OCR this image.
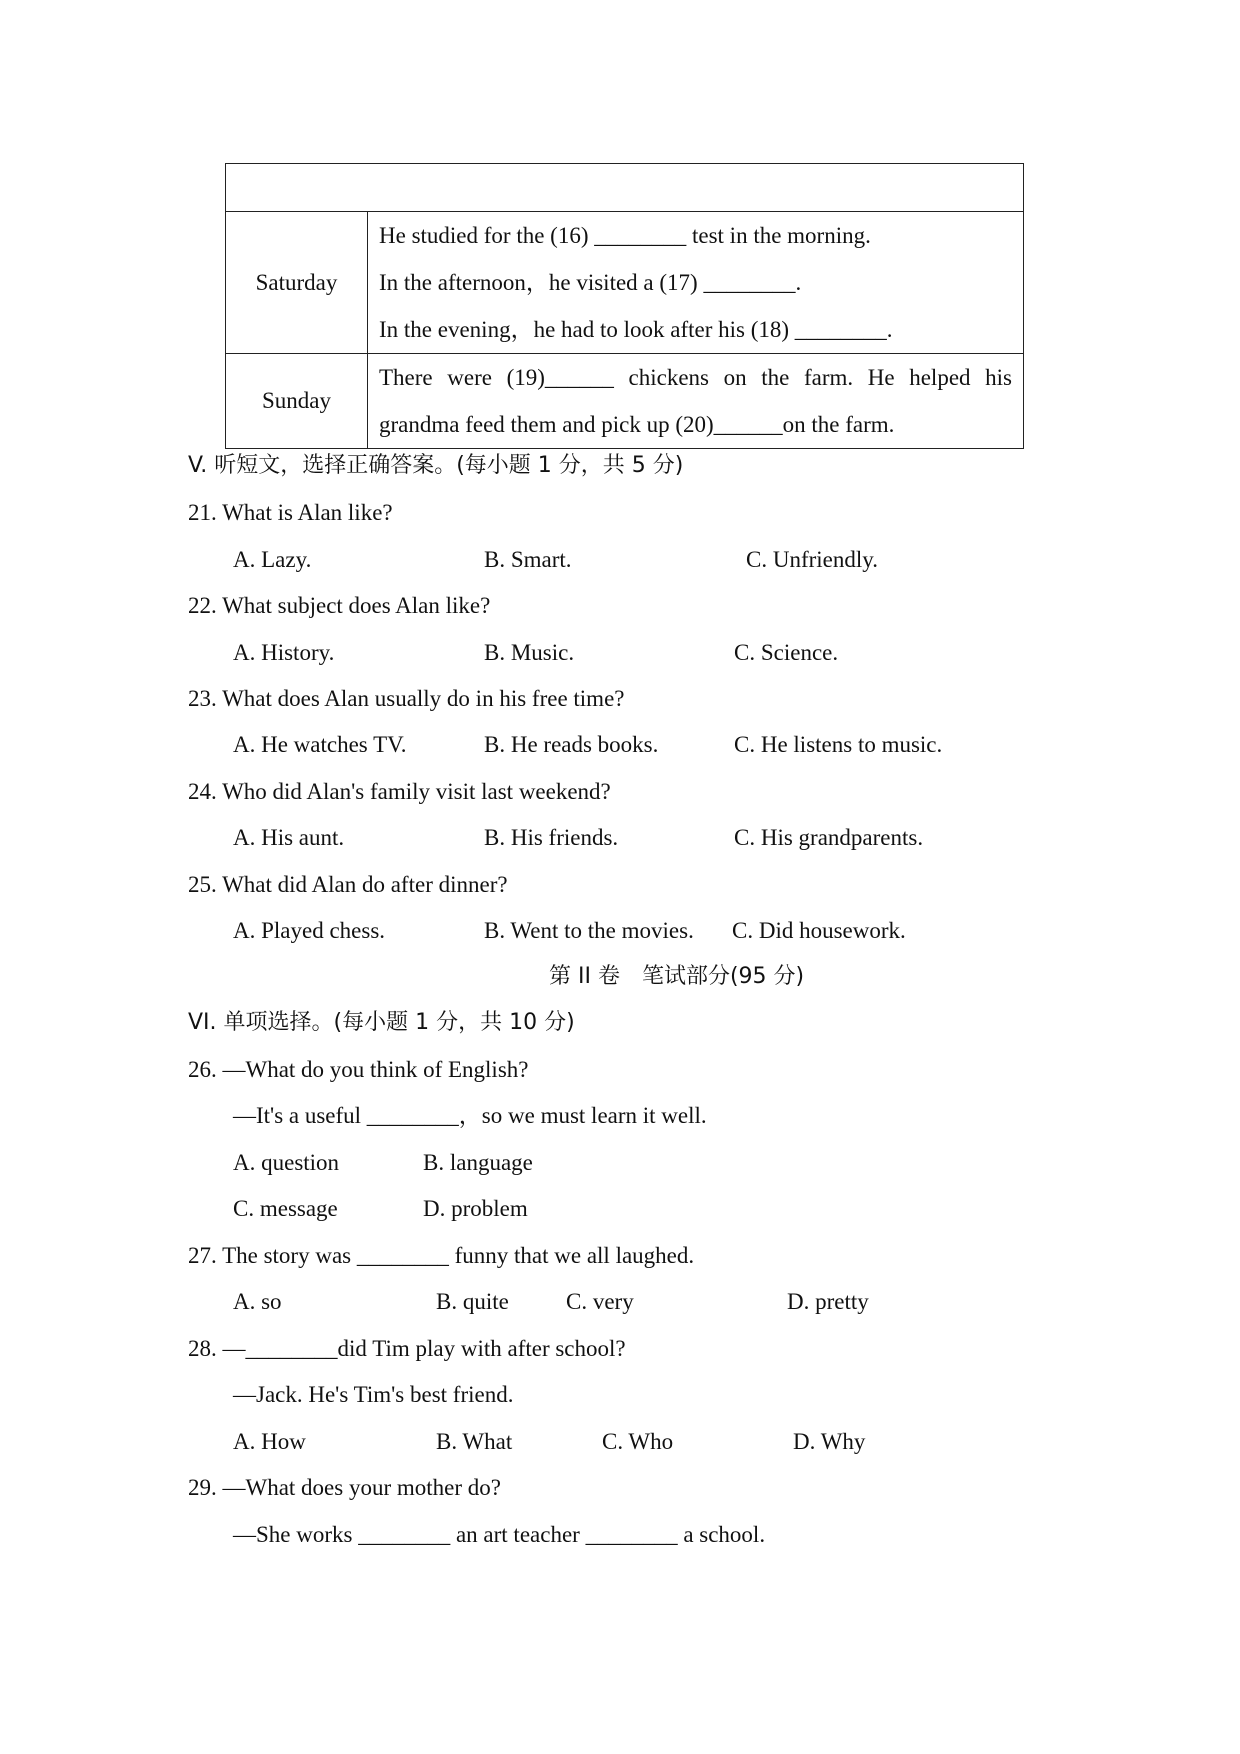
Saturday	He studied for the (16) ________ test in the morning.
In the afternoon，he visited a (17) ________.
In the evening，he had to look after his (18) ________.

Sunday	There were (19)______ chickens on the farm. He helped his
grandma feed them and pick up (20)______on the farm.
V. 听短文，选择正确答案。(每小题 1 分，共 5 分)
21. What is Alan like?
A. Lazy.	B. Smart.	C. Unfriendly.
22. What subject does Alan like?
A. History.	B. Music.	C. Science.
23. What does Alan usually do in his free time?
A. He watches TV.	B. He reads books.	C. He listens to music.
24. Who did Alan's family visit last weekend?
A. His aunt.	B. His friends.	C. His grandparents.
25. What did Alan do after dinner?
A. Played chess.	B. Went to the movies. C. Did housework.
第 II 卷　笔试部分(95 分)
VI. 单项选择。(每小题 1 分，共 10 分)
26. —What do you think of English?
—It's a useful ________，so we must learn it well.
A. question	B. language
C. message	D. problem
27. The story was ________ funny that we all laughed.
A. so	B. quite C. very	D. pretty
28. —________did Tim play with after school?
—Jack. He's Tim's best friend.
A. How	B. What	C. Who	D. Why
29. —What does your mother do?
—She works ________ an art teacher ________ a school.
